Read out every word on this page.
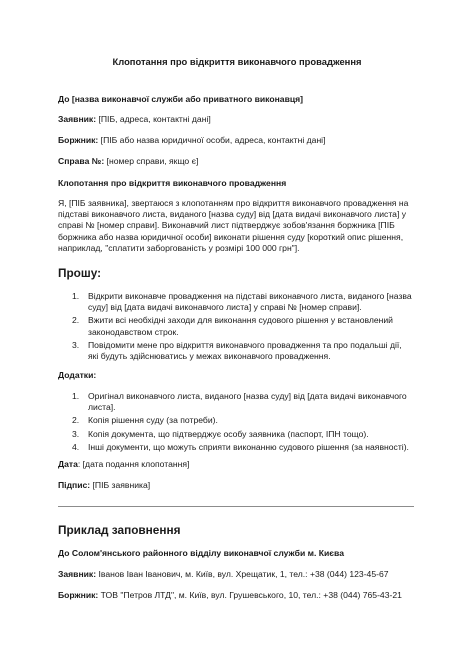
Клопотання про відкриття виконавчого провадження
До [назва виконавчої служби або приватного виконавця]
Заявник: [ПІБ, адреса, контактні дані]
Боржник: [ПІБ або назва юридичної особи, адреса, контактні дані]
Справа №: [номер справи, якщо є]
Клопотання про відкриття виконавчого провадження
Я, [ПІБ заявника], звертаюся з клопотанням про відкриття виконавчого провадження на
підставі виконавчого листа, виданого [назва суду] від [дата видачі виконавчого листа] у
справі № [номер справи]. Виконавчий лист підтверджує зобов'язання боржника [ПІБ
боржника або назва юридичної особи] виконати рішення суду [короткий опис рішення,
наприклад, "сплатити заборгованість у розмірі 100 000 грн"].
Прошу:
1. Відкрити виконавче провадження на підставі виконавчого листа, виданого [назва
суду] від [дата видачі виконавчого листа] у справі № [номер справи].
2. Вжити всі необхідні заходи для виконання судового рішення у встановлений
законодавством строк.
3. Повідомити мене про відкриття виконавчого провадження та про подальші дії,
які будуть здійснюватись у межах виконавчого провадження.
Додатки:
1. Оригінал виконавчого листа, виданого [назва суду] від [дата видачі виконавчого
листа].
2. Копія рішення суду (за потреби).
3. Копія документа, що підтверджує особу заявника (паспорт, ІПН тощо).
4. Інші документи, що можуть сприяти виконанню судового рішення (за наявності).
Дата: [дата подання клопотання]
Підпис: [ПІБ заявника]
Приклад заповнення
До Солом'янського районного відділу виконавчої служби м. Києва
Заявник: Іванов Іван Іванович, м. Київ, вул. Хрещатик, 1, тел.: +38 (044) 123-45-67
Боржник: ТОВ "Петров ЛТД", м. Київ, вул. Грушевського, 10, тел.: +38 (044) 765-43-21
